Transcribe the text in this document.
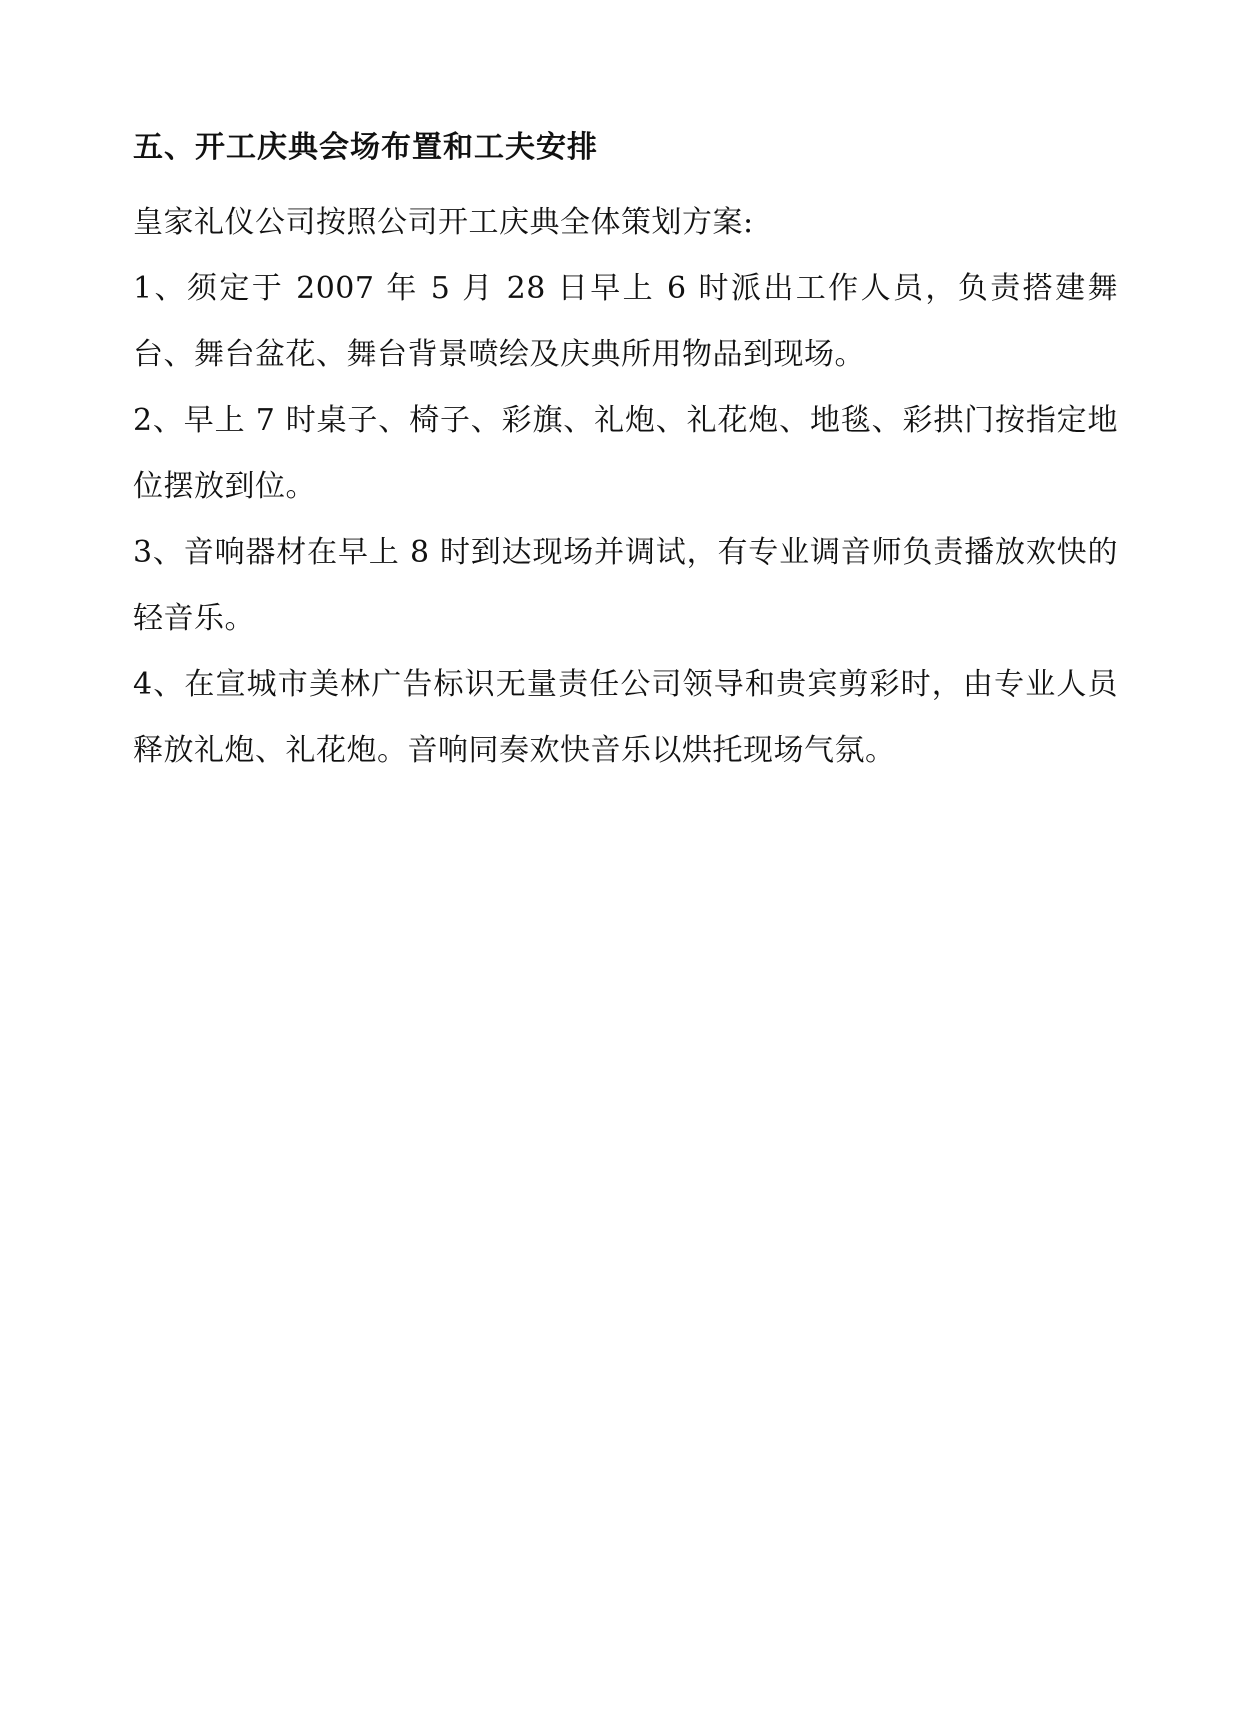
五、开工庆典会场布置和工夫安排

皇家礼仪公司按照公司开工庆典全体策划方案:

1、须定于 2007 年 5 月 28 日早上 6 时派出工作人员，负责搭建舞台、舞台盆花、舞台背景喷绘及庆典所用物品到现场。

2、早上 7 时桌子、椅子、彩旗、礼炮、礼花炮、地毯、彩拱门按指定地位摆放到位。

3、音响器材在早上 8 时到达现场并调试，有专业调音师负责播放欢快的轻音乐。

4、在宣城市美林广告标识无量责任公司领导和贵宾剪彩时，由专业人员释放礼炮、礼花炮。音响同奏欢快音乐以烘托现场气氛。
